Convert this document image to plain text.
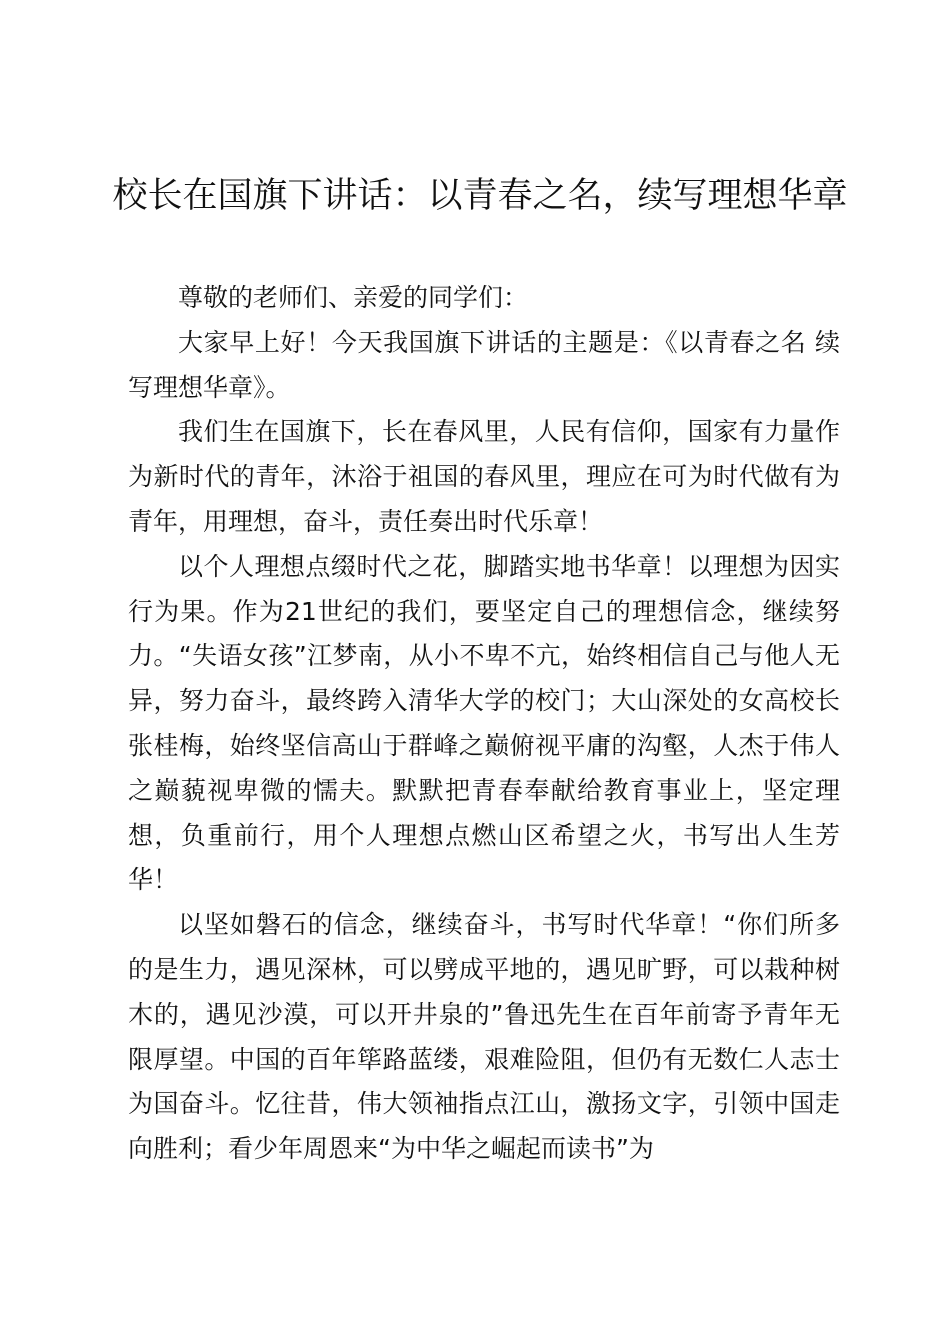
校长在国旗下讲话：以青春之名，续写理想华章

尊敬的老师们、亲爱的同学们：

大家早上好！今天我国旗下讲话的主题是：《以青春之名 续写理想华章》。

我们生在国旗下，长在春风里，人民有信仰，国家有力量作为新时代的青年，沐浴于祖国的春风里，理应在可为时代做有为青年，用理想，奋斗，责任奏出时代乐章！

以个人理想点缀时代之花，脚踏实地书华章！以理想为因实行为果。作为21世纪的我们，要坚定自己的理想信念，继续努力。“失语女孩”江梦南，从小不卑不亢，始终相信自己与他人无异，努力奋斗，最终跨入清华大学的校门；大山深处的女高校长张桂梅，始终坚信高山于群峰之巅俯视平庸的沟壑，人杰于伟人之巅藐视卑微的懦夫。默默把青春奉献给教育事业上，坚定理想，负重前行，用个人理想点燃山区希望之火，书写出人生芳华！

以坚如磐石的信念，继续奋斗，书写时代华章！“你们所多的是生力，遇见深林，可以劈成平地的，遇见旷野，可以栽种树木的，遇见沙漠，可以开井泉的”鲁迅先生在百年前寄予青年无限厚望。中国的百年筚路蓝缕，艰难险阻，但仍有无数仁人志士为国奋斗。忆往昔，伟大领袖指点江山，激扬文字，引领中国走向胜利；看少年周恩来“为中华之崛起而读书”为
